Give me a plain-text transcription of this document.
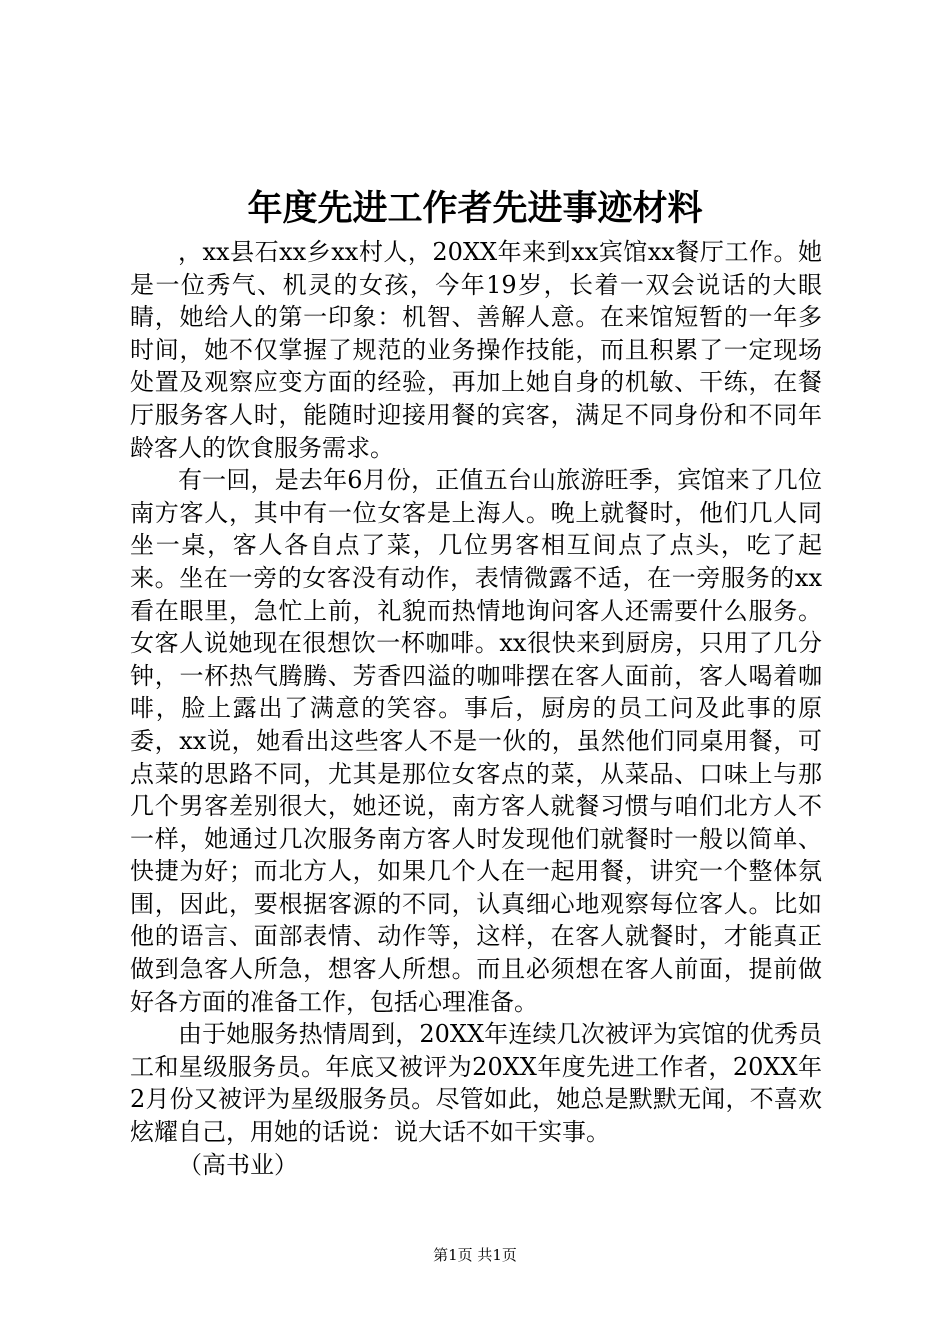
年度先进工作者先进事迹材料

，xx县石xx乡xx村人，20XX年来到xx宾馆xx餐厅工作。她是一位秀气、机灵的女孩，今年19岁，长着一双会说话的大眼睛，她给人的第一印象：机智、善解人意。在来馆短暂的一年多时间，她不仅掌握了规范的业务操作技能，而且积累了一定现场处置及观察应变方面的经验，再加上她自身的机敏、干练，在餐厅服务客人时，能随时迎接用餐的宾客，满足不同身份和不同年龄客人的饮食服务需求。

有一回，是去年6月份，正值五台山旅游旺季，宾馆来了几位南方客人，其中有一位女客是上海人。晚上就餐时，他们几人同坐一桌，客人各自点了菜，几位男客相互间点了点头，吃了起来。坐在一旁的女客没有动作，表情微露不适，在一旁服务的xx看在眼里，急忙上前，礼貌而热情地询问客人还需要什么服务。女客人说她现在很想饮一杯咖啡。xx很快来到厨房，只用了几分钟，一杯热气腾腾、芳香四溢的咖啡摆在客人面前，客人喝着咖啡，脸上露出了满意的笑容。事后，厨房的员工问及此事的原委，xx说，她看出这些客人不是一伙的，虽然他们同桌用餐，可点菜的思路不同，尤其是那位女客点的菜，从菜品、口味上与那几个男客差别很大，她还说，南方客人就餐习惯与咱们北方人不一样，她通过几次服务南方客人时发现他们就餐时一般以简单、快捷为好；而北方人，如果几个人在一起用餐，讲究一个整体氛围，因此，要根据客源的不同，认真细心地观察每位客人。比如他的语言、面部表情、动作等，这样，在客人就餐时，才能真正做到急客人所急，想客人所想。而且必须想在客人前面，提前做好各方面的准备工作，包括心理准备。

由于她服务热情周到，20XX年连续几次被评为宾馆的优秀员工和星级服务员。年底又被评为20XX年度先进工作者，20XX年2月份又被评为星级服务员。尽管如此，她总是默默无闻，不喜欢炫耀自己，用她的话说：说大话不如干实事。

（高书业）

第1页 共1页
